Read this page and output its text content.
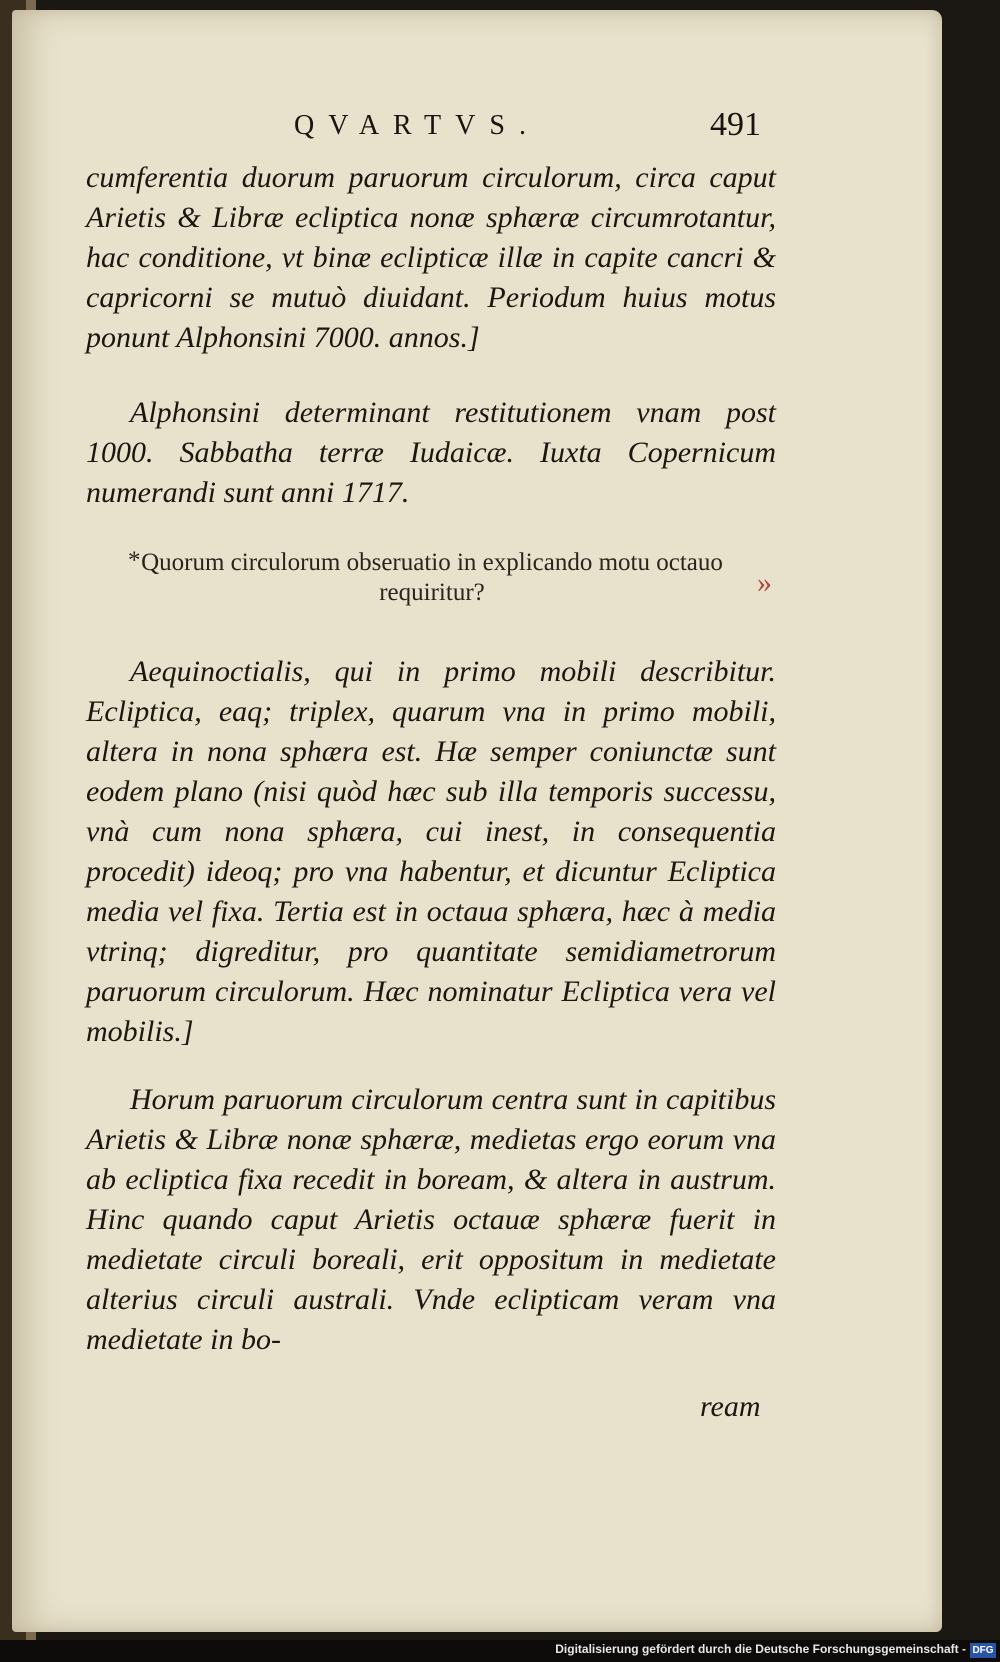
QVARTVS.	491

cumferentia duorum paruorum circulorum, circa caput Arietis & Libræ ecliptica nonæ sphæræ circumrotantur, hac conditione, vt binæ eclipticæ illæ in capite cancri & capricorni se mutuò diuidant. Periodum huius motus ponunt Alphonsini 7000. annos.]

Alphonsini determinant restitutionem vnam post 1000. Sabbatha terræ Iudaicæ. Iuxta Copernicum numerandi sunt anni 1717.

* Quorum circulorum obseruatio in explicando motu octauo requiritur?	»

Aequinoctialis, qui in primo mobili describitur. Ecliptica, eaq; triplex, quarum vna in primo mobili, altera in nona sphæra est. Hæ semper coniunctæ sunt eodem plano (nisi quòd hæc sub illa temporis successu, vnà cum nona sphæra, cui inest, in consequentia procedit) ideoq; pro vna habentur, et dicuntur Ecliptica media vel fixa. Tertia est in octaua sphæra, hæc à media vtrinq; digreditur, pro quantitate semidiametrorum paruorum circulorum. Hæc nominatur Ecliptica vera vel mobilis.]

Horum paruorum circulorum centra sunt in capitibus Arietis & Libræ nonæ sphæræ, medietas ergo eorum vna ab ecliptica fixa recedit in boream, & altera in austrum. Hinc quando caput Arietis octauæ sphæræ fuerit in medietate circuli boreali, erit oppositum in medietate alterius circuli australi. Vnde eclipticam veram vna medietate in bo-

ream
Digitalisierung gefördert durch die Deutsche Forschungsgemeinschaft - DFG
